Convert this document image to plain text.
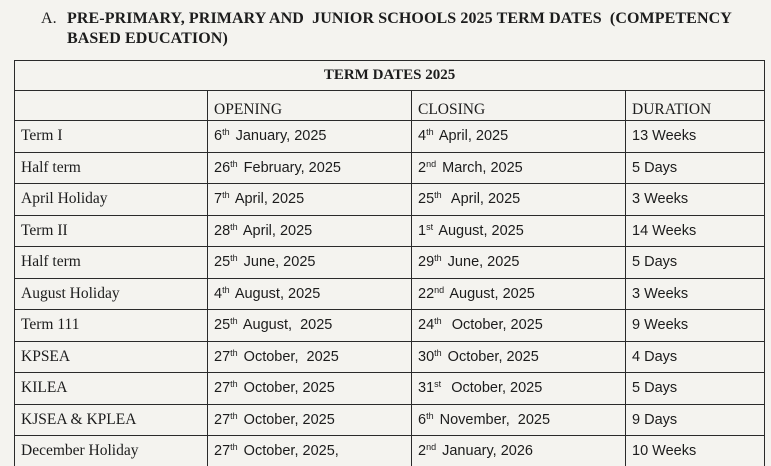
A. PRE-PRIMARY, PRIMARY AND  JUNIOR SCHOOLS 2025 TERM DATES  (COMPETENCY
BASED EDUCATION)
TERM DATES 2025			
	OPENING	CLOSING	DURATION
Term I	6th January, 2025	4th April, 2025	13 Weeks
Half term	26th February, 2025	2nd March, 2025	5 Days
April Holiday	7th April, 2025	25th  April, 2025	3 Weeks
Term II	28th April, 2025	1st August, 2025	14 Weeks
Half term	25th June, 2025	29th June, 2025	5 Days
August Holiday	4th August, 2025	22nd August, 2025	3 Weeks
Term 111	25th August,  2025	24th  October, 2025	9 Weeks
KPSEA	27th October,  2025	30th October, 2025	4 Days
KILEA	27th October, 2025	31st  October, 2025	5 Days
KJSEA & KPLEA	27th October, 2025	6th November,  2025	9 Days
December Holiday	27th October, 2025,	2nd January, 2026	10 Weeks
